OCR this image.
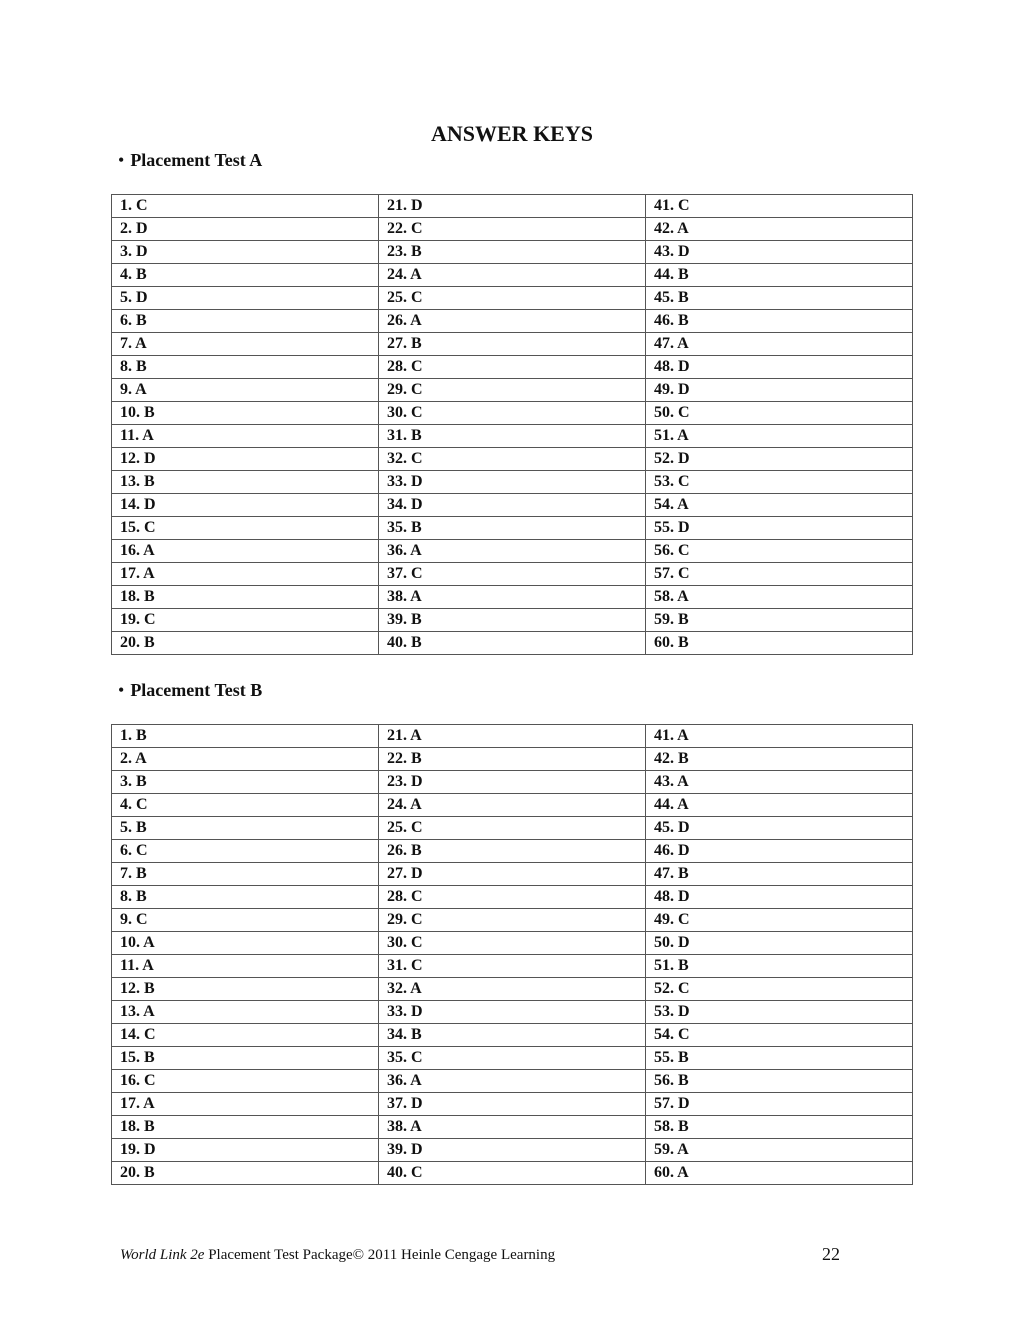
ANSWER KEYS
• Placement Test A
1. C	21. D	41. C
2. D	22. C	42. A
3. D	23. B	43. D
4. B	24. A	44. B
5. D	25. C	45. B
6. B	26. A	46. B
7. A	27. B	47. A
8. B	28. C	48. D
9. A	29. C	49. D
10. B	30. C	50. C
11. A	31. B	51. A
12. D	32. C	52. D
13. B	33. D	53. C
14. D	34. D	54. A
15. C	35. B	55. D
16. A	36. A	56. C
17. A	37. C	57. C
18. B	38. A	58. A
19. C	39. B	59. B
20. B	40. B	60. B
• Placement Test B
1. B	21. A	41. A
2. A	22. B	42. B
3. B	23. D	43. A
4. C	24. A	44. A
5. B	25. C	45. D
6. C	26. B	46. D
7. B	27. D	47. B
8. B	28. C	48. D
9. C	29. C	49. C
10. A	30. C	50. D
11. A	31. C	51. B
12. B	32. A	52. C
13. A	33. D	53. D
14. C	34. B	54. C
15. B	35. C	55. B
16. C	36. A	56. B
17. A	37. D	57. D
18. B	38. A	58. B
19. D	39. D	59. A
20. B	40. C	60. A
World Link 2e Placement Test Package© 2011 Heinle Cengage Learning	22
